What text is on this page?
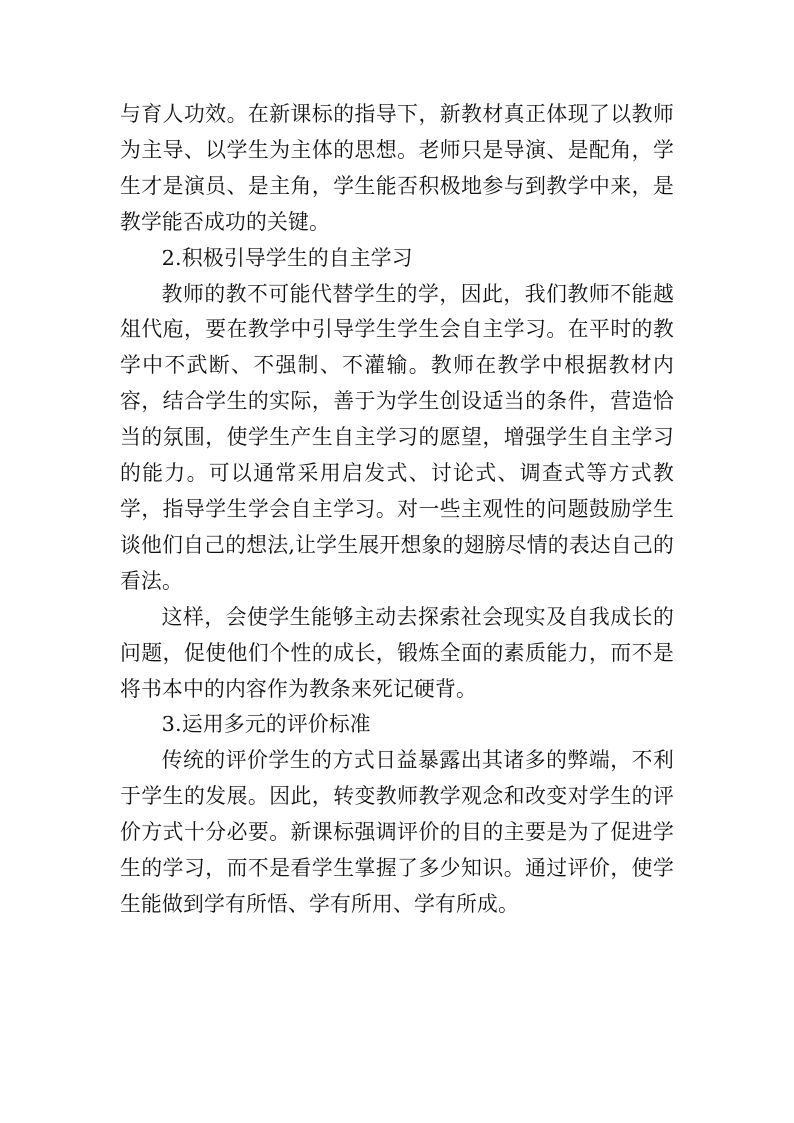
与育人功效。在新课标的指导下，新教材真正体现了以教师为主导、以学生为主体的思想。老师只是导演、是配角，学生才是演员、是主角，学生能否积极地参与到教学中来，是教学能否成功的关键。

2.积极引导学生的自主学习

教师的教不可能代替学生的学，因此，我们教师不能越俎代庖，要在教学中引导学生学生会自主学习。在平时的教学中不武断、不强制、不灌输。教师在教学中根据教材内容，结合学生的实际，善于为学生创设适当的条件，营造恰当的氛围，使学生产生自主学习的愿望，增强学生自主学习的能力。可以通常采用启发式、讨论式、调查式等方式教学，指导学生学会自主学习。对一些主观性的问题鼓励学生谈他们自己的想法,让学生展开想象的翅膀尽情的表达自己的看法。

这样，会使学生能够主动去探索社会现实及自我成长的问题，促使他们个性的成长，锻炼全面的素质能力，而不是将书本中的内容作为教条来死记硬背。

3.运用多元的评价标准

传统的评价学生的方式日益暴露出其诸多的弊端，不利于学生的发展。因此，转变教师教学观念和改变对学生的评价方式十分必要。新课标强调评价的目的主要是为了促进学生的学习，而不是看学生掌握了多少知识。通过评价，使学生能做到学有所悟、学有所用、学有所成。
